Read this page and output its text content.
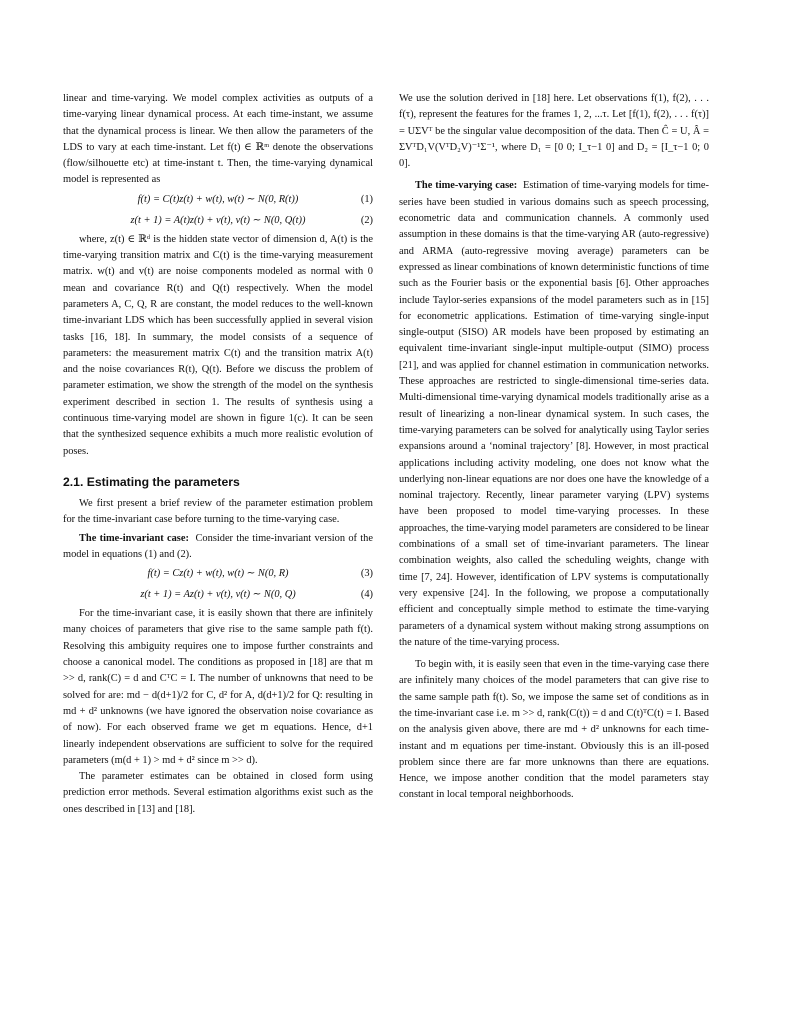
linear and time-varying. We model complex activities as outputs of a time-varying linear dynamical process. At each time-instant, we assume that the dynamical process is linear. We then allow the parameters of the LDS to vary at each time-instant. Let f(t) ∈ ℝᵐ denote the observations (flow/silhouette etc) at time-instant t. Then, the time-varying dynamical model is represented as

f(t) = C(t)z(t) + w(t), w(t) ∼ N(0, R(t))	(1)
z(t + 1) = A(t)z(t) + v(t), v(t) ∼ N(0, Q(t))	(2)

where, z(t) ∈ ℝᵈ is the hidden state vector of dimension d, A(t) is the time-varying transition matrix and C(t) is the time-varying measurement matrix. w(t) and v(t) are noise components modeled as normal with 0 mean and covariance R(t) and Q(t) respectively. When the model parameters A, C, Q, R are constant, the model reduces to the well-known time-invariant LDS which has been successfully applied in several vision tasks [16, 18]. In summary, the model consists of a sequence of parameters: the measurement matrix C(t) and the transition matrix A(t) and the noise covariances R(t), Q(t). Before we discuss the problem of parameter estimation, we show the strength of the model on the synthesis experiment described in section 1. The results of synthesis using a continuous time-varying model are shown in figure 1(c). It can be seen that the synthesized sequence exhibits a much more realistic evolution of poses.

2.1. Estimating the parameters

We first present a brief review of the parameter estimation problem for the time-invariant case before turning to the time-varying case.

The time-invariant case: Consider the time-invariant version of the model in equations (1) and (2).

f(t) = Cz(t) + w(t), w(t) ∼ N(0, R)	(3)
z(t + 1) = Az(t) + v(t), v(t) ∼ N(0, Q)	(4)

For the time-invariant case, it is easily shown that there are infinitely many choices of parameters that give rise to the same sample path f(t). Resolving this ambiguity requires one to impose further constraints and choose a canonical model. The conditions as proposed in [18] are that m >> d, rank(C) = d and CᵀC = I. The number of unknowns that need to be solved for are: md − d(d+1)/2 for C, d² for A, d(d+1)/2 for Q: resulting in md + d² unknowns (we have ignored the observation noise covariance as of now). For each observed frame we get m equations. Hence, d+1 linearly independent observations are sufficient to solve for the required parameters (m(d + 1) > md + d² since m >> d).

The parameter estimates can be obtained in closed form using prediction error methods. Several estimation algorithms exist such as the ones described in [13] and [18].

We use the solution derived in [18] here. Let observations f(1), f(2), . . . f(τ), represent the features for the frames 1, 2, ...τ. Let [f(1), f(2), . . . f(τ)] = UΣVᵀ be the singular value decomposition of the data. Then Ĉ = U, Â = ΣVᵀD₁V(VᵀD₂V)⁻¹Σ⁻¹, where D₁ = [0 0; I_τ−1 0] and D₂ = [I_τ−1 0; 0 0].

The time-varying case: Estimation of time-varying models for time-series have been studied in various domains such as speech processing, econometric data and communication channels. A commonly used assumption in these domains is that the time-varying AR (auto-regressive) and ARMA (auto-regressive moving average) parameters can be expressed as linear combinations of known deterministic functions of time such as the Fourier basis or the exponential basis [6]. Other approaches include Taylor-series expansions of the model parameters such as in [15] for econometric applications. Estimation of time-varying single-input single-output (SISO) AR models have been proposed by estimating an equivalent time-invariant single-input multiple-output (SIMO) process [21], and was applied for channel estimation in communication networks. These approaches are restricted to single-dimensional time-series data. Multi-dimensional time-varying dynamical models traditionally arise as a result of linearizing a non-linear dynamical system. In such cases, the time-varying parameters can be solved for analytically using Taylor series expansions around a ‘nominal trajectory’ [8]. However, in most practical applications including activity modeling, one does not know what the underlying non-linear equations are nor does one have the knowledge of a nominal trajectory. Recently, linear parameter varying (LPV) systems have been proposed to model time-varying processes. In these approaches, the time-varying model parameters are considered to be linear combinations of a small set of time-invariant parameters. The linear combination weights, also called the scheduling weights, change with time [7, 24]. However, identification of LPV systems is computationally very expensive [24]. In the following, we propose a computationally efficient and conceptually simple method to estimate the time-varying parameters of a dynamical system without making strong assumptions on the nature of the time-varying process.

To begin with, it is easily seen that even in the time-varying case there are infinitely many choices of the model parameters that can give rise to the same sample path f(t). So, we impose the same set of conditions as in the time-invariant case i.e. m >> d, rank(C(t)) = d and C(t)ᵀC(t) = I. Based on the analysis given above, there are md + d² unknowns for each time-instant and m equations per time-instant. Obviously this is an ill-posed problem since there are far more unknowns than there are equations. Hence, we impose another condition that the model parameters stay constant in local temporal neighborhoods.
